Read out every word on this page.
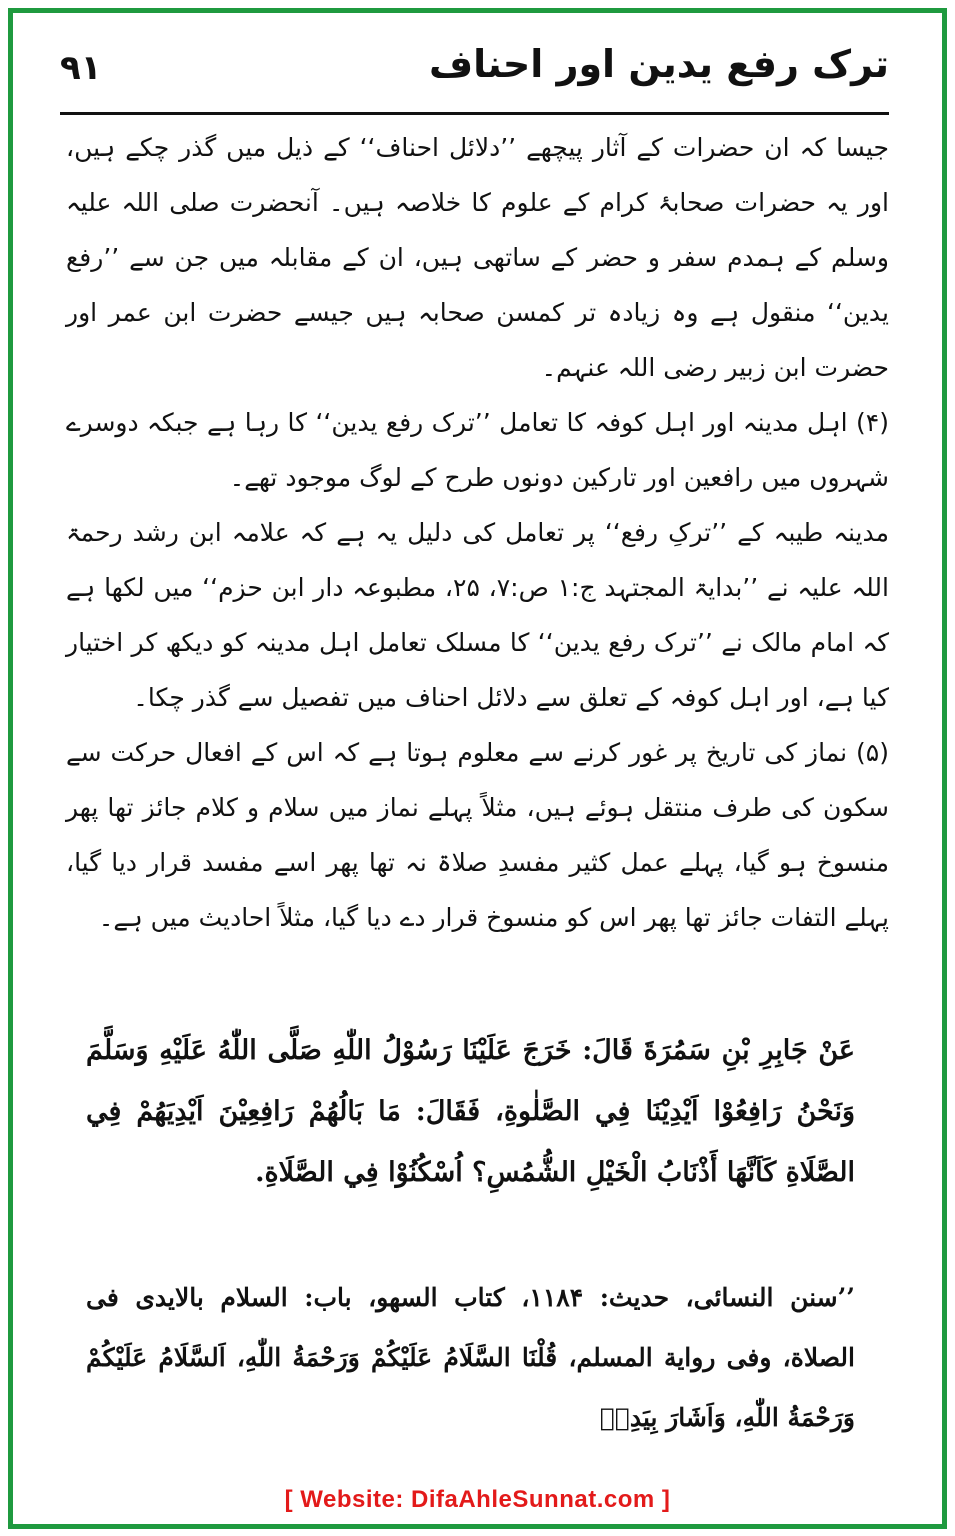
٩١	ترک رفع یدین اور احناف

جیسا کہ ان حضرات کے آثار پیچھے ’’دلائل احناف‘‘ کے ذیل میں گذر چکے ہیں، اور یہ حضرات صحابۂ کرام کے علوم کا خلاصہ ہیں۔ آنحضرت صلی اللہ علیہ وسلم کے ہمدم سفر و حضر کے ساتھی ہیں، ان کے مقابلہ میں جن سے ’’رفع یدین‘‘ منقول ہے وہ زیادہ تر کمسن صحابہ ہیں جیسے حضرت ابن عمر اور حضرت ابن زبیر رضی اللہ عنہم۔

(۴) اہل مدینہ اور اہل کوفہ کا تعامل ’’ترک رفع یدین‘‘ کا رہا ہے جبکہ دوسرے شہروں میں رافعین اور تارکین دونوں طرح کے لوگ موجود تھے۔

مدینہ طیبہ کے ’’ترکِ رفع‘‘ پر تعامل کی دلیل یہ ہے کہ علامہ ابن رشد رحمۃ اللہ علیہ نے ’’بدایۃ المجتہد ج:۱ ص:۷، ۲۵، مطبوعہ دار ابن حزم‘‘ میں لکھا ہے کہ امام مالک نے ’’ترک رفع یدین‘‘ کا مسلک تعامل اہل مدینہ کو دیکھ کر اختیار کیا ہے، اور اہل کوفہ کے تعلق سے دلائل احناف میں تفصیل سے گذر چکا۔

(۵) نماز کی تاریخ پر غور کرنے سے معلوم ہوتا ہے کہ اس کے افعال حرکت سے سکون کی طرف منتقل ہوئے ہیں، مثلاً پہلے نماز میں سلام و کلام جائز تھا پھر منسوخ ہو گیا، پہلے عمل کثیر مفسدِ صلاۃ نہ تھا پھر اسے مفسد قرار دیا گیا، پہلے التفات جائز تھا پھر اس کو منسوخ قرار دے دیا گیا، مثلاً احادیث میں ہے۔

عَنْ جَابِرِ بْنِ سَمُرَةَ قَالَ: خَرَجَ عَلَيْنَا رَسُوْلُ اللّٰهِ صَلَّى اللّٰهُ عَلَيْهِ وَسَلَّمَ وَنَحْنُ رَافِعُوْا اَيْدِيْنَا فِي الصَّلٰوةِ، فَقَالَ: مَا بَالُهُمْ رَافِعِيْنَ اَيْدِيَهُمْ فِي الصَّلَاةِ كَاَنَّهَا أَذْنَابُ الْخَيْلِ الشُّمُسِ؟ اُسْكُنُوْا فِي الصَّلَاةِ.
’’سنن النسائی، حدیث: ۱۱۸۴، کتاب السهو، باب: السلام بالایدی فی الصلاة، وفی روایة المسلم، قُلْنَا السَّلَامُ عَلَيْكُمْ وَرَحْمَةُ اللّٰهِ، اَلسَّلَامُ عَلَيْكُمْ وَرَحْمَةُ اللّٰهِ، وَاَشَارَ بِيَدِهٖ
[ Website: DifaAhleSunnat.com ]
